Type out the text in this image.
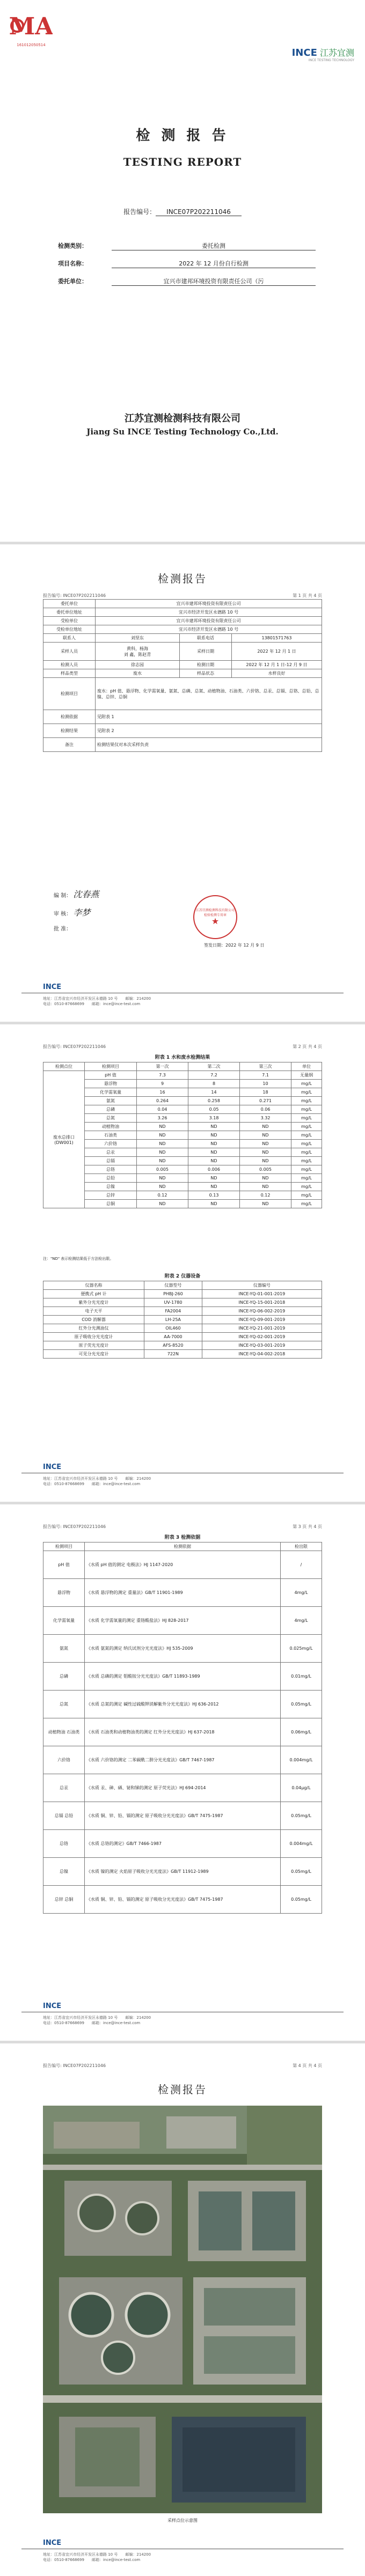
MA
161012050514
INCE 江苏宜测
INCE TESTING TECHNOLOGY
检 测 报 告
TESTING REPORT
报告编号： INCE07P202211046
检测类别：	委托检测
项目名称：	2022 年 12 月份自行检测
委托单位：	宜兴市建邦环境投资有限责任公司（污
江苏宜测检测科技有限公司
Jiang Su INCE Testing Technology Co.,Ltd.
检测报告
报告编号: INCE07P202211046	第 1 页 共 4 页
委托单位	宜兴市建邦环境投资有限责任公司		
委托单位地址	宜兴市经济开发区永德路 10 号		
受检单位	宜兴市建邦环境投资有限责任公司		
受检单位地址	宜兴市经济开发区永德路 10 号		
联系人	刘坚东	联系电话	13801571763
采样人员	黄科，杨海
刘 鑫，陈赵青	采样日期	2022 年 12 月 1 日
检测人员	徐志园	检测日期	2022 年 12 月 1 日-12 月 9 日
样品类型	废水	样品状态	水样良好
检测项目	废水：pH 值、悬浮物、化学需氧量、氨氮、总磷、总氮、动植物油、石油类、六价铬、总汞、总镉、总铬、总铅、总镍、总锌、总铜		
检测依据	见附表 1		
检测结果	见附表 2		
备注	检测结果仅对本次采样负责		
编 制： 沈春燕
审 核： 李梦
批 准：
江苏宜测检测科技有限公司 检验检测专用章
★
签发日期：2022 年 12 月 9 日
INCE
地址：江苏省宜兴市经济开发区永德路 10 号　　 邮编：214200
电话：0510-87668699　　 邮箱：ince@ince-test.com
报告编号: INCE07P202211046	第 2 页 共 4 页
附表 1 水和废水检测结果
检测点位	检测项目	第一次	第二次	第三次	单位
废水总排口 (DW001)	pH 值	7.3	7.2	7.1	无量纲
	悬浮物	9	8	10	mg/L
	化学需氧量	16	14	18	mg/L
	氨氮	0.264	0.258	0.271	mg/L
	总磷	0.04	0.05	0.06	mg/L
	总氮	3.26	3.18	3.32	mg/L
	动植物油	ND	ND	ND	mg/L
	石油类	ND	ND	ND	mg/L
	六价铬	ND	ND	ND	mg/L
	总汞	ND	ND	ND	mg/L
	总镉	ND	ND	ND	mg/L
	总铬	0.005	0.006	0.005	mg/L
	总铅	ND	ND	ND	mg/L
	总镍	ND	ND	ND	mg/L
	总锌	0.12	0.13	0.12	mg/L
	总铜	ND	ND	ND	mg/L
注："ND" 表示检测结果低于方法检出限。
附表 2 仪器设备
仪器名称	仪器型号	仪器编号
便携式 pH 计	PHBJ-260	INCE-YQ-01-001-2019
紫外分光光度计	UV-1780	INCE-YQ-15-001-2018
电子天平	FA2004	INCE-YQ-06-002-2019
COD 消解器	LH-25A	INCE-YQ-09-001-2019
红外分光测油仪	OIL460	INCE-YQ-21-001-2019
原子吸收分光光度计	AA-7000	INCE-YQ-02-001-2019
原子荧光光度计	AFS-8520	INCE-YQ-03-001-2019
可见分光光度计	722N	INCE-YQ-04-002-2018
INCE
地址：江苏省宜兴市经济开发区永德路 10 号　　 邮编：214200
电话：0510-87668699　　 邮箱：ince@ince-test.com
报告编号: INCE07P202211046	第 3 页 共 4 页
附表 3 检测依据
检测项目	检测依据	检出限
pH 值	《水质 pH 值的测定 电极法》HJ 1147-2020	/
悬浮物	《水质 悬浮物的测定 重量法》GB/T 11901-1989	4mg/L
化学需氧量	《水质 化学需氧量的测定 重铬酸盐法》HJ 828-2017	4mg/L
氨氮	《水质 氨氮的测定 纳氏试剂分光光度法》HJ 535-2009	0.025mg/L
总磷	《水质 总磷的测定 钼酸铵分光光度法》GB/T 11893-1989	0.01mg/L
总氮	《水质 总氮的测定 碱性过硫酸钾消解紫外分光光度法》HJ 636-2012	0.05mg/L
动植物油 石油类	《水质 石油类和动植物油类的测定 红外分光光度法》HJ 637-2018	0.06mg/L
六价铬	《水质 六价铬的测定 二苯碳酰二肼分光光度法》GB/T 7467-1987	0.004mg/L
总汞	《水质 汞、砷、硒、铋和锑的测定 原子荧光法》HJ 694-2014	0.04μg/L
总镉 总铅	《水质 铜、锌、铅、镉的测定 原子吸收分光光度法》GB/T 7475-1987	0.05mg/L
总铬	《水质 总铬的测定》GB/T 7466-1987	0.004mg/L
总镍	《水质 镍的测定 火焰原子吸收分光光度法》GB/T 11912-1989	0.05mg/L
总锌 总铜	《水质 铜、锌、铅、镉的测定 原子吸收分光光度法》GB/T 7475-1987	0.05mg/L
INCE
地址：江苏省宜兴市经济开发区永德路 10 号　　 邮编：214200
电话：0510-87668699　　 邮箱：ince@ince-test.com
报告编号: INCE07P202211046	第 4 页 共 4 页
检测报告
采样点位示意图
INCE
地址：江苏省宜兴市经济开发区永德路 10 号　　 邮编：214200
电话：0510-87668699　　 邮箱：ince@ince-test.com
